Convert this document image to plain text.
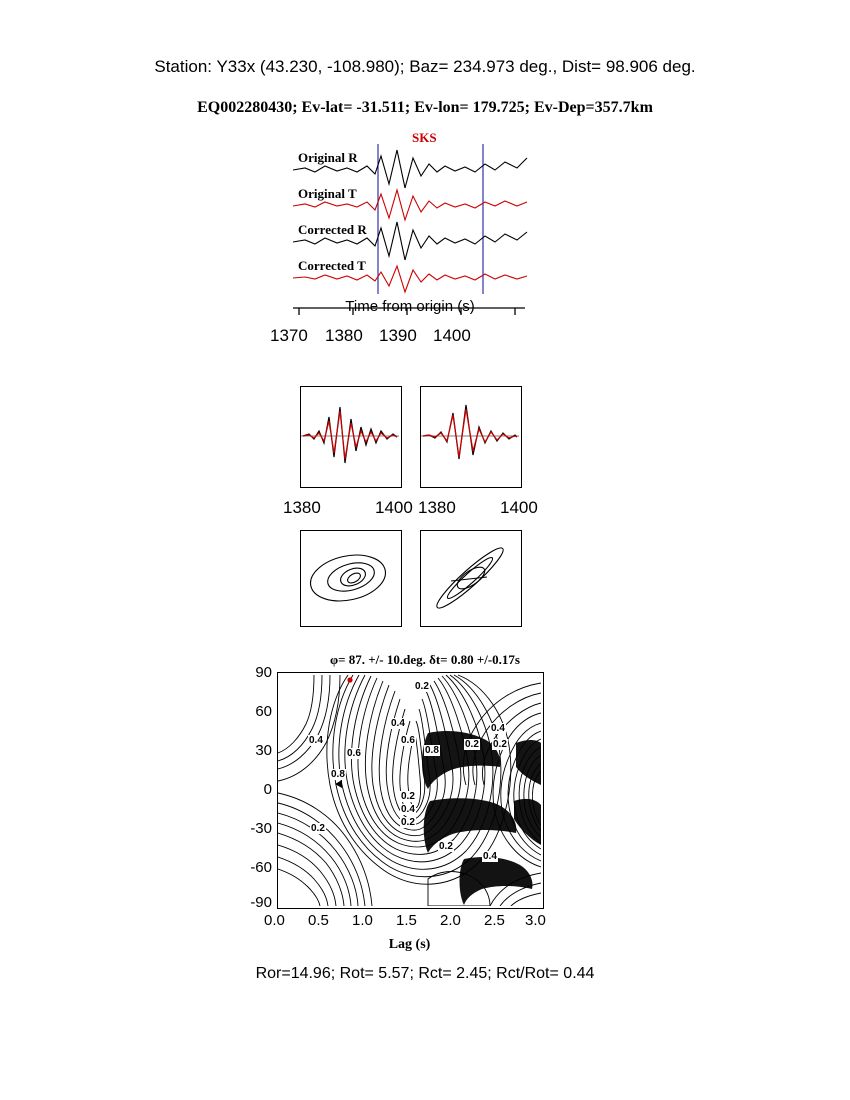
Station: Y33x (43.230, -108.980); Baz= 234.973 deg., Dist= 98.906 deg.
EQ002280430; Ev-lat= -31.511; Ev-lon= 179.725; Ev-Dep=357.7km
SKS
Original R
Original T
Corrected R
Corrected T
Time from origin (s)
1370 1380 1390 1400
1380	1400 1380	1400
φ= 87. +/- 10.deg. δt= 0.80 +/-0.17s
Lag (s)
90
60
30
0
-30
-60
-90
0.0 0.5 1.0 1.5 2.0 2.5 3.0
0.2
0.4
0.6
0.8
0.2
0.4
0.2
0.4
0.6
0.8
0.2
0.4
0.2
0.2
0.2
0.4
Ror=14.96; Rot= 5.57; Rct= 2.45; Rct/Rot= 0.44
